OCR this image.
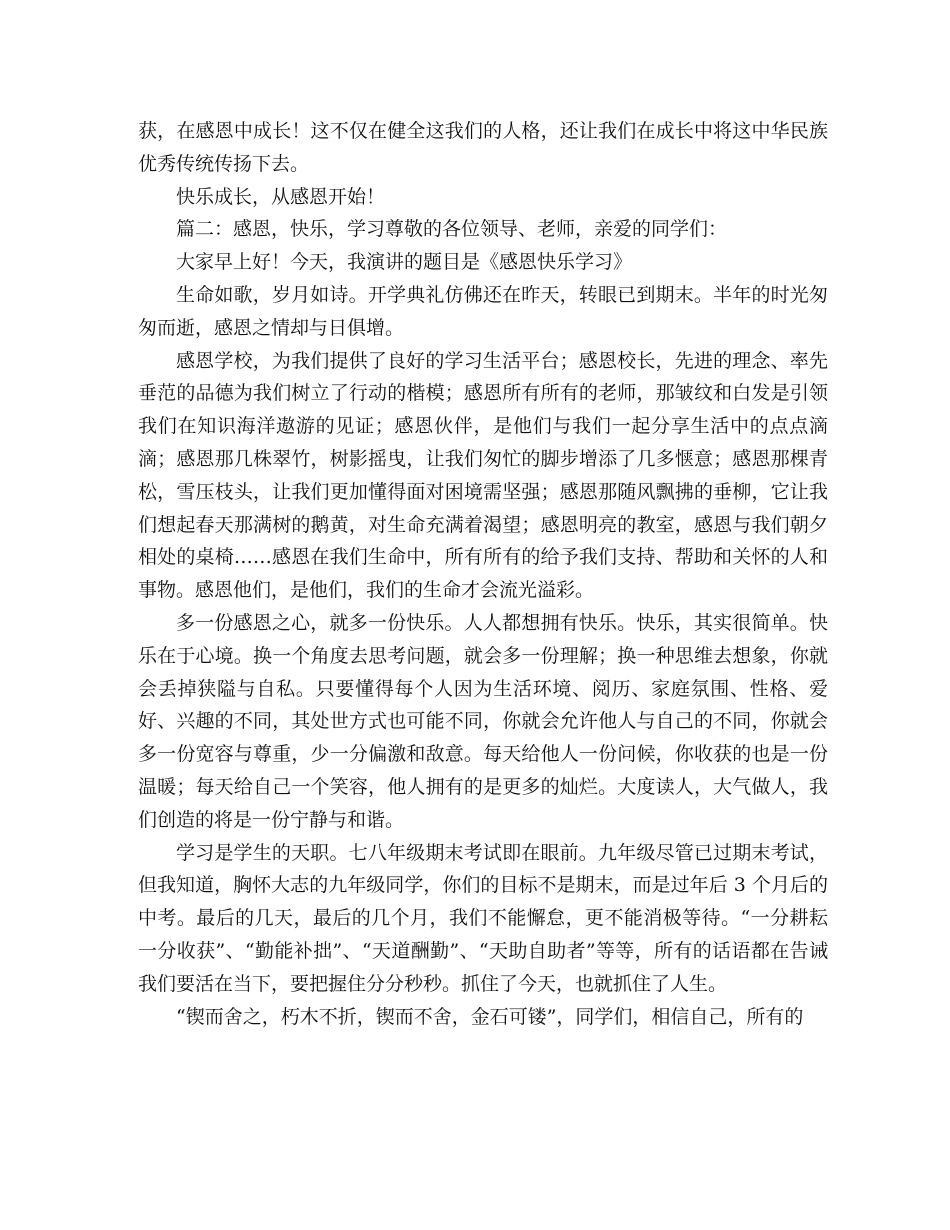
获，在感恩中成长！这不仅在健全这我们的人格，还让我们在成长中将这中华民族优秀传统传扬下去。

快乐成长，从感恩开始！

篇二：感恩，快乐，学习尊敬的各位领导、老师，亲爱的同学们：

大家早上好！今天，我演讲的题目是《感恩快乐学习》

生命如歌，岁月如诗。开学典礼仿佛还在昨天，转眼已到期末。半年的时光匆匆而逝，感恩之情却与日俱增。

感恩学校，为我们提供了良好的学习生活平台；感恩校长，先进的理念、率先垂范的品德为我们树立了行动的楷模；感恩所有所有的老师，那皱纹和白发是引领我们在知识海洋遨游的见证；感恩伙伴，是他们与我们一起分享生活中的点点滴滴；感恩那几株翠竹，树影摇曳，让我们匆忙的脚步增添了几多惬意；感恩那棵青松，雪压枝头，让我们更加懂得面对困境需坚强；感恩那随风飘拂的垂柳，它让我们想起春天那满树的鹅黄，对生命充满着渴望；感恩明亮的教室，感恩与我们朝夕相处的桌椅……感恩在我们生命中，所有所有的给予我们支持、帮助和关怀的人和事物。感恩他们，是他们，我们的生命才会流光溢彩。

多一份感恩之心，就多一份快乐。人人都想拥有快乐。快乐，其实很简单。快乐在于心境。换一个角度去思考问题，就会多一份理解；换一种思维去想象，你就会丢掉狭隘与自私。只要懂得每个人因为生活环境、阅历、家庭氛围、性格、爱好、兴趣的不同，其处世方式也可能不同，你就会允许他人与自己的不同，你就会多一份宽容与尊重，少一分偏激和敌意。每天给他人一份问候，你收获的也是一份温暖；每天给自己一个笑容，他人拥有的是更多的灿烂。大度读人，大气做人，我们创造的将是一份宁静与和谐。

学习是学生的天职。七八年级期末考试即在眼前。九年级尽管已过期末考试，但我知道，胸怀大志的九年级同学，你们的目标不是期末，而是过年后 3 个月后的中考。最后的几天，最后的几个月，我们不能懈怠，更不能消极等待。“一分耕耘一分收获”、“勤能补拙”、“天道酬勤”、“天助自助者”等等，所有的话语都在告诫我们要活在当下，要把握住分分秒秒。抓住了今天，也就抓住了人生。

“锲而舍之，朽木不折，锲而不舍，金石可镂”，同学们，相信自己，所有的
